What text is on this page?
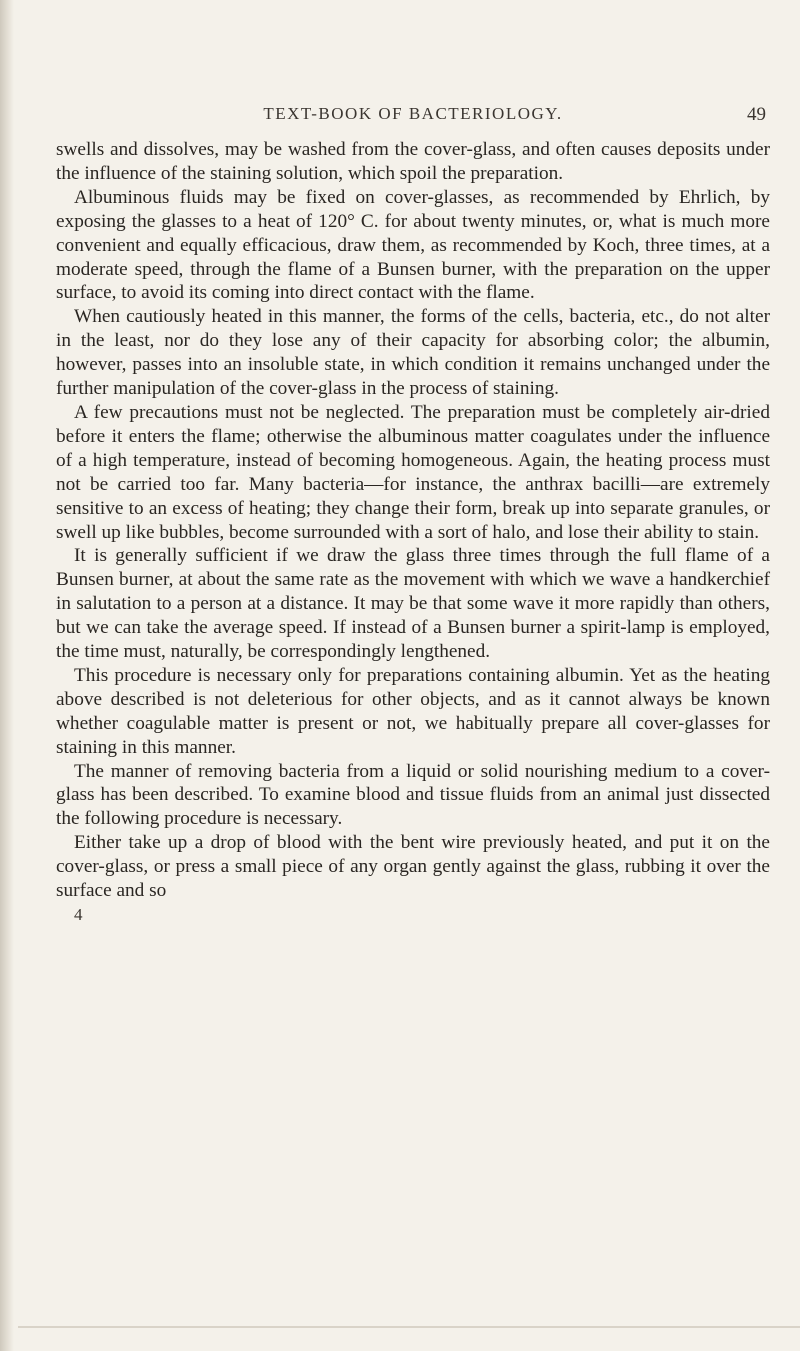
TEXT-BOOK OF BACTERIOLOGY.	49

swells and dissolves, may be washed from the cover-glass, and often causes deposits under the influence of the staining solution, which spoil the preparation.

Albuminous fluids may be fixed on cover-glasses, as recommended by Ehrlich, by exposing the glasses to a heat of 120° C. for about twenty minutes, or, what is much more convenient and equally efficacious, draw them, as recommended by Koch, three times, at a moderate speed, through the flame of a Bunsen burner, with the preparation on the upper surface, to avoid its coming into direct contact with the flame.

When cautiously heated in this manner, the forms of the cells, bacteria, etc., do not alter in the least, nor do they lose any of their capacity for absorbing color; the albumin, however, passes into an insoluble state, in which condition it remains unchanged under the further manipulation of the cover-glass in the process of staining.

A few precautions must not be neglected. The preparation must be completely air-dried before it enters the flame; otherwise the albuminous matter coagulates under the influence of a high temperature, instead of becoming homogeneous. Again, the heating process must not be carried too far. Many bacteria—for instance, the anthrax bacilli—are extremely sensitive to an excess of heating; they change their form, break up into separate granules, or swell up like bubbles, become surrounded with a sort of halo, and lose their ability to stain.

It is generally sufficient if we draw the glass three times through the full flame of a Bunsen burner, at about the same rate as the movement with which we wave a handkerchief in salutation to a person at a distance. It may be that some wave it more rapidly than others, but we can take the average speed. If instead of a Bunsen burner a spirit-lamp is employed, the time must, naturally, be correspondingly lengthened.

This procedure is necessary only for preparations containing albumin. Yet as the heating above described is not deleterious for other objects, and as it cannot always be known whether coagulable matter is present or not, we habitually prepare all cover-glasses for staining in this manner.

The manner of removing bacteria from a liquid or solid nourishing medium to a cover-glass has been described. To examine blood and tissue fluids from an animal just dissected the following procedure is necessary.

Either take up a drop of blood with the bent wire previously heated, and put it on the cover-glass, or press a small piece of any organ gently against the glass, rubbing it over the surface and so

4
